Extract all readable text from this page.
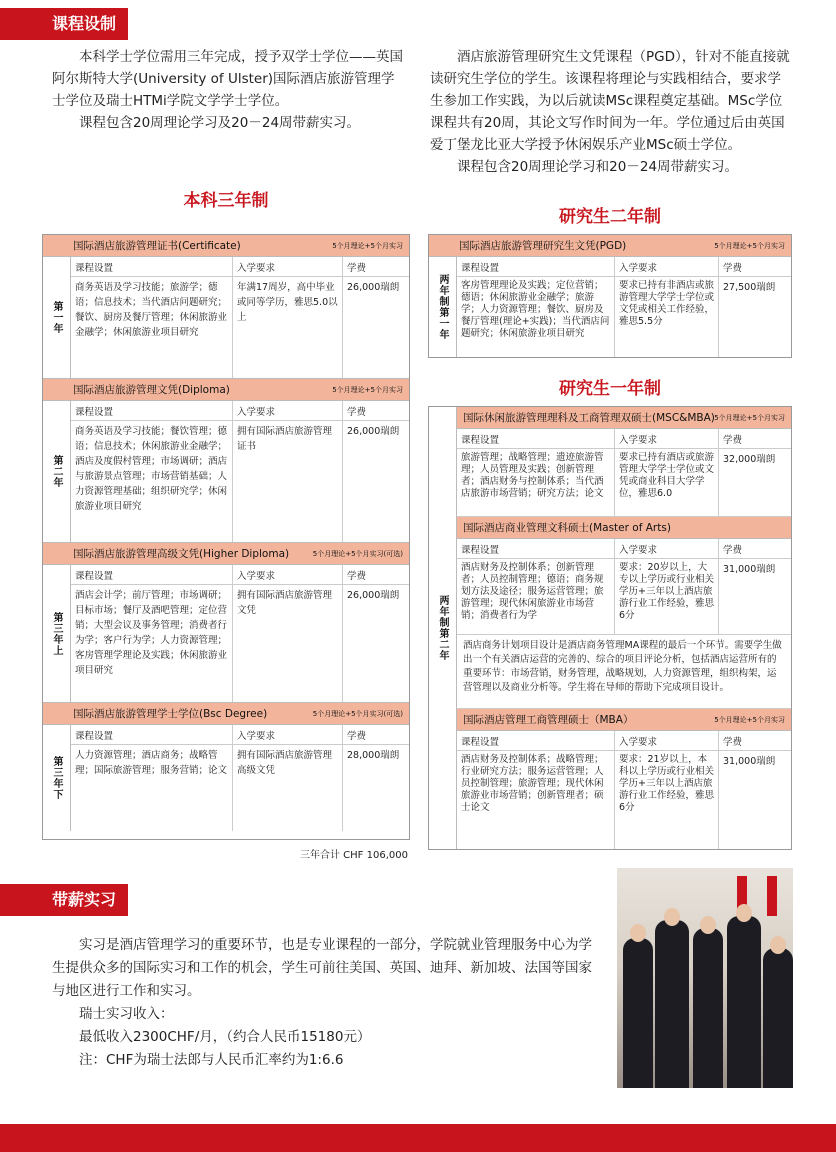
课程设制

本科学士学位需用三年完成，授予双学士学位——英国阿尔斯特大学(University of Ulster)国际酒店旅游管理学士学位及瑞士HTMi学院文学学士学位。

课程包含20周理论学习及20－24周带薪实习。

酒店旅游管理研究生文凭课程（PGD），针对不能直接就读研究生学位的学生。该课程将理论与实践相结合，要求学生参加工作实践，为以后就读MSc课程奠定基础。MSc学位课程共有20周，其论文写作时间为一年。学位通过后由英国爱丁堡龙比亚大学授予休闲娱乐产业MSc硕士学位。

课程包含20周理论学习和20－24周带薪实习。

本科三年制
研究生二年制
研究生一年制
国际酒店旅游管理证书(Certificate)	5个月理论+5个月实习
第一年
课程设置	入学要求	学费
商务英语及学习技能；旅游学；德语；信息技术；当代酒店问题研究；餐饮、厨房及餐厅管理；休闲旅游业金融学；休闲旅游业项目研究
年满17周岁，高中毕业或同等学历，雅思5.0以上
26,000瑞朗
国际酒店旅游管理文凭(Diploma)	5个月理论+5个月实习
第二年
课程设置	入学要求	学费
商务英语及学习技能；餐饮管理；德语；信息技术；休闲旅游业金融学；酒店及度假村管理；市场调研；酒店与旅游景点管理；市场营销基础；人力资源管理基础；组织研究学；休闲旅游业项目研究
拥有国际酒店旅游管理证书
26,000瑞朗
国际酒店旅游管理高级文凭(Higher Diploma)	5个月理论+5个月实习(可选)
第三年上
课程设置	入学要求	学费
酒店会计学；前厅管理；市场调研；目标市场；餐厅及酒吧管理；定位营销；大型会议及事务管理；消费者行为学；客户行为学；人力资源管理；客房管理学理论及实践；休闲旅游业项目研究
拥有国际酒店旅游管理文凭
26,000瑞朗
国际酒店旅游管理学士学位(Bsc Degree)	5个月理论+5个月实习(可选)
第三年下
课程设置	入学要求	学费
人力资源管理；酒店商务；战略管理；国际旅游管理；服务营销；论文
拥有国际酒店旅游管理高级文凭
28,000瑞朗
三年合计 CHF 106,000
国际酒店旅游管理研究生文凭(PGD)	5个月理论+5个月实习
两年制第一年
课程设置	入学要求	学费
客房管理理论及实践；定位营销；德语；休闲旅游业金融学；旅游学；人力资源管理；餐饮、厨房及餐厅管理(理论+实践)；当代酒店问题研究；休闲旅游业项目研究
要求已持有非酒店或旅游管理大学学士学位或文凭或相关工作经验，雅思5.5分
27,500瑞朗
两年制第二年
国际休闲旅游管理理科及工商管理双硕士(MSC&MBA) 5个月理论+5个月实习
课程设置	入学要求	学费
旅游管理；战略管理；遗迹旅游管理；人员管理及实践；创新管理者；酒店财务与控制体系；当代酒店旅游市场营销；研究方法；论文
要求已持有酒店或旅游管理大学学士学位或文凭或商业科目大学学位，雅思6.0
32,000瑞朗
国际酒店商业管理文科硕士(Master of Arts)
课程设置	入学要求	学费
酒店财务及控制体系；创新管理者；人员控制管理；德语；商务规划方法及途径；服务运营管理；旅游管理；现代休闲旅游业市场营销；消费者行为学
要求：20岁以上，大专以上学历或行业相关学历+三年以上酒店旅游行业工作经验，雅思6分
31,000瑞朗
酒店商务计划项目设计是酒店商务管理MA课程的最后一个环节。需要学生做出一个有关酒店运营的完善的、综合的项目评论分析，包括酒店运营所有的重要环节：市场营销，财务管理，战略规划，人力资源管理，组织构架，运营管理以及商业分析等。学生将在导师的帮助下完成项目设计。
国际酒店管理工商管理硕士（MBA）	5个月理论+5个月实习
课程设置	入学要求	学费
酒店财务及控制体系；战略管理；行业研究方法；服务运营管理；人员控制管理；旅游管理；现代休闲旅游业市场营销；创新管理者；硕士论文
要求：21岁以上，本科以上学历或行业相关学历+三年以上酒店旅游行业工作经验，雅思6分
31,000瑞朗
带薪实习

实习是酒店管理学习的重要环节，也是专业课程的一部分，学院就业管理服务中心为学生提供众多的国际实习和工作的机会，学生可前往美国、英国、迪拜、新加坡、法国等国家与地区进行工作和实习。

瑞士实习收入：

最低收入2300CHF/月，（约合人民币15180元）

注：CHF为瑞士法郎与人民币汇率约为1:6.6
